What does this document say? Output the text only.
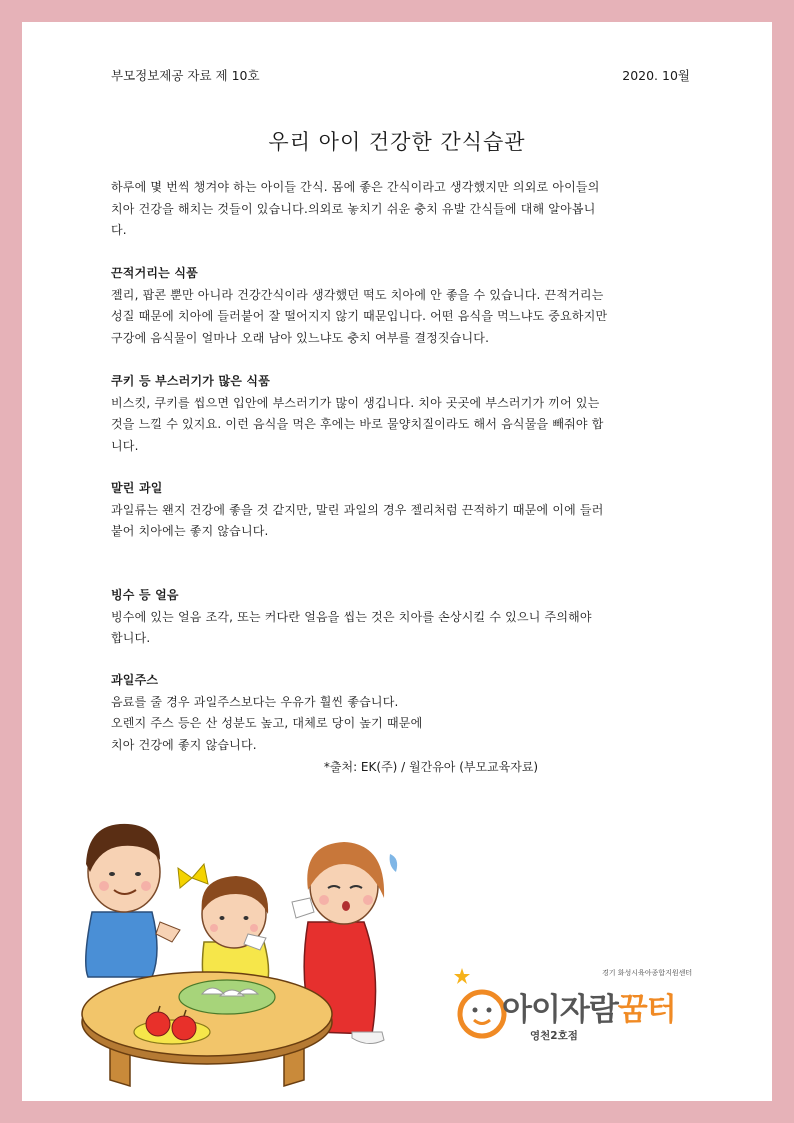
부모정보제공 자료 제 10호	2020. 10월
우리 아이 건강한 간식습관
하루에 몇 번씩 챙겨야 하는 아이들 간식. 몸에 좋은 간식이라고 생각했지만 의외로 아이들의
치아 건강을 해치는 것들이 있습니다.의외로 놓치기 쉬운 충치 유발 간식들에 대해 알아봅니
다.
끈적거리는 식품
젤리, 팝콘 뿐만 아니라 건강간식이라 생각했던 떡도 치아에 안 좋을 수 있습니다. 끈적거리는
성질 때문에 치아에 들러붙어 잘 떨어지지 않기 때문입니다. 어떤 음식을 먹느냐도 중요하지만
구강에 음식물이 얼마나 오래 남아 있느냐도 충치 여부를 결정짓습니다.
쿠키 등 부스러기가 많은 식품
비스킷, 쿠키를 씹으면 입안에 부스러기가 많이 생깁니다. 치아 곳곳에 부스러기가 끼어 있는
것을 느낄 수 있지요. 이런 음식을 먹은 후에는 바로 물양치질이라도 해서 음식물을 빼줘야 합
니다.
말린 과일
과일류는 왠지 건강에 좋을 것 같지만, 말린 과일의 경우 젤리처럼 끈적하기 때문에 이에 들러
붙어 치아에는 좋지 않습니다.
빙수 등 얼음
빙수에 있는 얼음 조각, 또는 커다란 얼음을 씹는 것은 치아를 손상시킬 수 있으니 주의해야
합니다.
과일주스
음료를 줄 경우 과일주스보다는 우유가 훨씬 좋습니다.
오렌지 주스 등은 산 성분도 높고, 대체로 당이 높기 때문에
치아 건강에 좋지 않습니다.
*출처: EK(주) / 월간유아 (부모교육자료)
경기 화성시육아종합지원센터
아이자람꿈터
영천2호점
